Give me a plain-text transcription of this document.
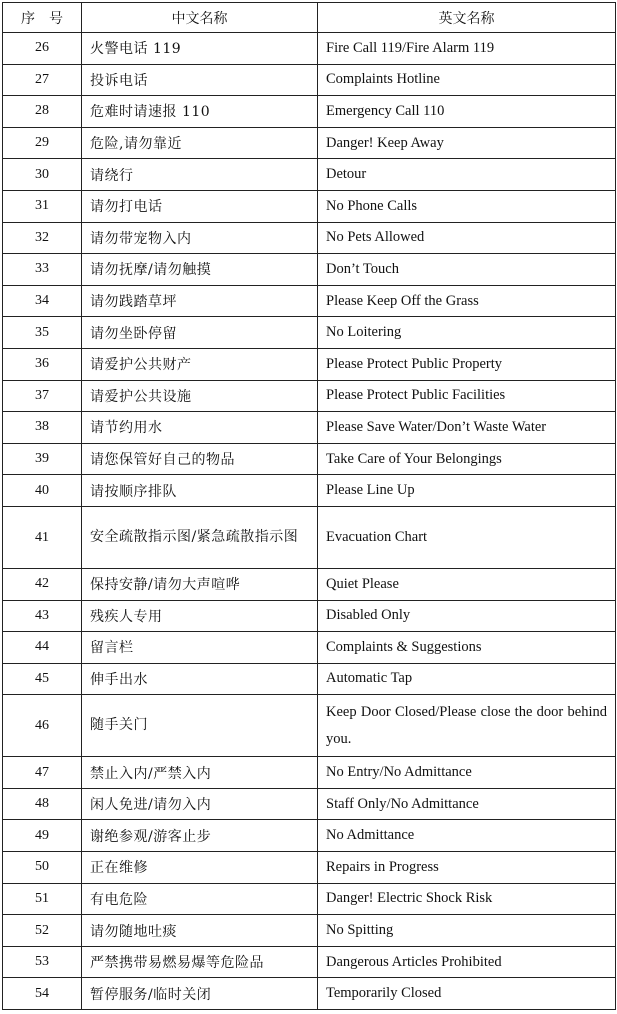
序　号	中文名称	英文名称
26	火警电话 119	Fire Call 119/Fire Alarm 119
27	投诉电话	Complaints Hotline
28	危难时请速报 110	Emergency Call 110
29	危险,请勿靠近	Danger! Keep Away
30	请绕行	Detour
31	请勿打电话	No Phone Calls
32	请勿带宠物入内	No Pets Allowed
33	请勿抚摩/请勿触摸	Don’t Touch
34	请勿践踏草坪	Please Keep Off the Grass
35	请勿坐卧停留	No Loitering
36	请爱护公共财产	Please Protect Public Property
37	请爱护公共设施	Please Protect Public Facilities
38	请节约用水	Please Save Water/Don’t Waste Water
39	请您保管好自己的物品	Take Care of Your Belongings
40	请按顺序排队	Please Line Up
41	安全疏散指示图/紧急疏散指示图	Evacuation Chart
42	保持安静/请勿大声喧哗	Quiet Please
43	残疾人专用	Disabled Only
44	留言栏	Complaints & Suggestions
45	伸手出水	Automatic Tap
46	随手关门	Keep Door Closed/Please close the door behind you.
47	禁止入内/严禁入内	No Entry/No Admittance
48	闲人免进/请勿入内	Staff Only/No Admittance
49	谢绝参观/游客止步	No Admittance
50	正在维修	Repairs in Progress
51	有电危险	Danger! Electric Shock Risk
52	请勿随地吐痰	No Spitting
53	严禁携带易燃易爆等危险品	Dangerous Articles Prohibited
54	暂停服务/临时关闭	Temporarily Closed
